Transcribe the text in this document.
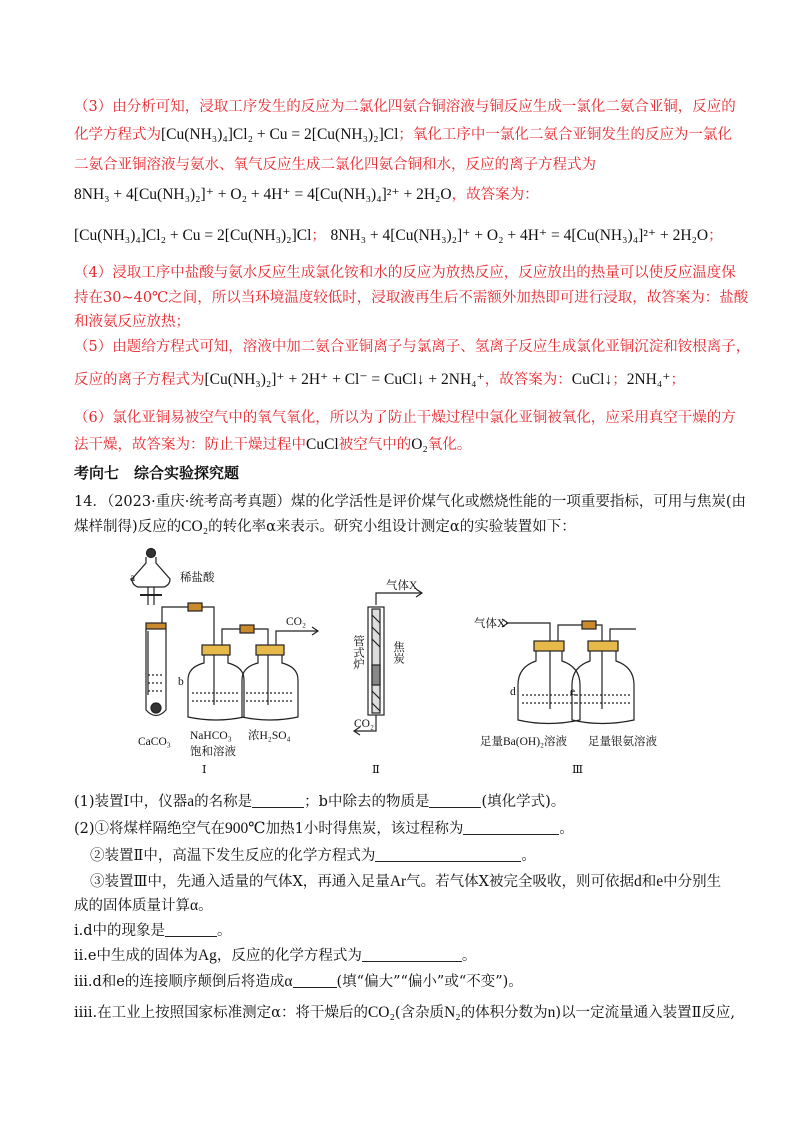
（3）由分析可知，浸取工序发生的反应为二氯化四氨合铜溶液与铜反应生成一氯化二氨合亚铜，反应的
化学方程式为[Cu(NH₃)₄]Cl₂ + Cu = 2[Cu(NH₃)₂]Cl；氧化工序中一氯化二氨合亚铜发生的反应为一氯化
二氨合亚铜溶液与氨水、氧气反应生成二氯化四氨合铜和水，反应的离子方程式为
8NH₃ + 4[Cu(NH₃)₂]⁺ + O₂ + 4H⁺ = 4[Cu(NH₃)₄]²⁺ + 2H₂O，故答案为：
[Cu(NH₃)₄]Cl₂ + Cu = 2[Cu(NH₃)₂]Cl； 8NH₃ + 4[Cu(NH₃)₂]⁺ + O₂ + 4H⁺ = 4[Cu(NH₃)₄]²⁺ + 2H₂O；
（4）浸取工序中盐酸与氨水反应生成氯化铵和水的反应为放热反应，反应放出的热量可以使反应温度保
持在30~40℃之间，所以当环境温度较低时，浸取液再生后不需额外加热即可进行浸取，故答案为：盐酸
和液氨反应放热；
（5）由题给方程式可知，溶液中加二氨合亚铜离子与氯离子、氢离子反应生成氯化亚铜沉淀和铵根离子，
反应的离子方程式为[Cu(NH₃)₂]⁺ + 2H⁺ + Cl⁻ = CuCl↓ + 2NH₄⁺，故答案为：CuCl↓；2NH₄⁺；
（6）氯化亚铜易被空气中的氧气氧化，所以为了防止干燥过程中氯化亚铜被氧化，应采用真空干燥的方
法干燥，故答案为：防止干燥过程中CuCl被空气中的O₂氧化。
考向七　综合实验探究题
14．（2023·重庆·统考高考真题）煤的化学活性是评价煤气化或燃烧性能的一项重要指标，可用与焦炭(由
煤样制得)反应的CO₂的转化率α来表示。研究小组设计测定α的实验装置如下：
a	稀盐酸
b
CO₂
CaCO₃ NaHCO₃
饱和溶液
浓H₂SO₄
气体X
CO₂
气体X
d	e
足量Ba(OH)₂溶液 足量银氨溶液
Ⅰ	Ⅱ	Ⅲ
管式炉 焦炭
(1)装置Ⅰ中，仪器a的名称是	；b中除去的物质是	(填化学式)。
(2)①将煤样隔绝空气在900℃加热1小时得焦炭，该过程称为	。
②装置Ⅱ中，高温下发生反应的化学方程式为	。
③装置Ⅲ中，先通入适量的气体X，再通入足量Ar气。若气体X被完全吸收，则可依据d和e中分别生
成的固体质量计算α。
i.d中的现象是	。
ii.e中生成的固体为Ag，反应的化学方程式为	。
iii.d和e的连接顺序颠倒后将造成α	(填“偏大”“偏小”或“不变”)。
iiii.在工业上按照国家标准测定α：将干燥后的CO₂(含杂质N₂的体积分数为n)以一定流量通入装置Ⅱ反应,
